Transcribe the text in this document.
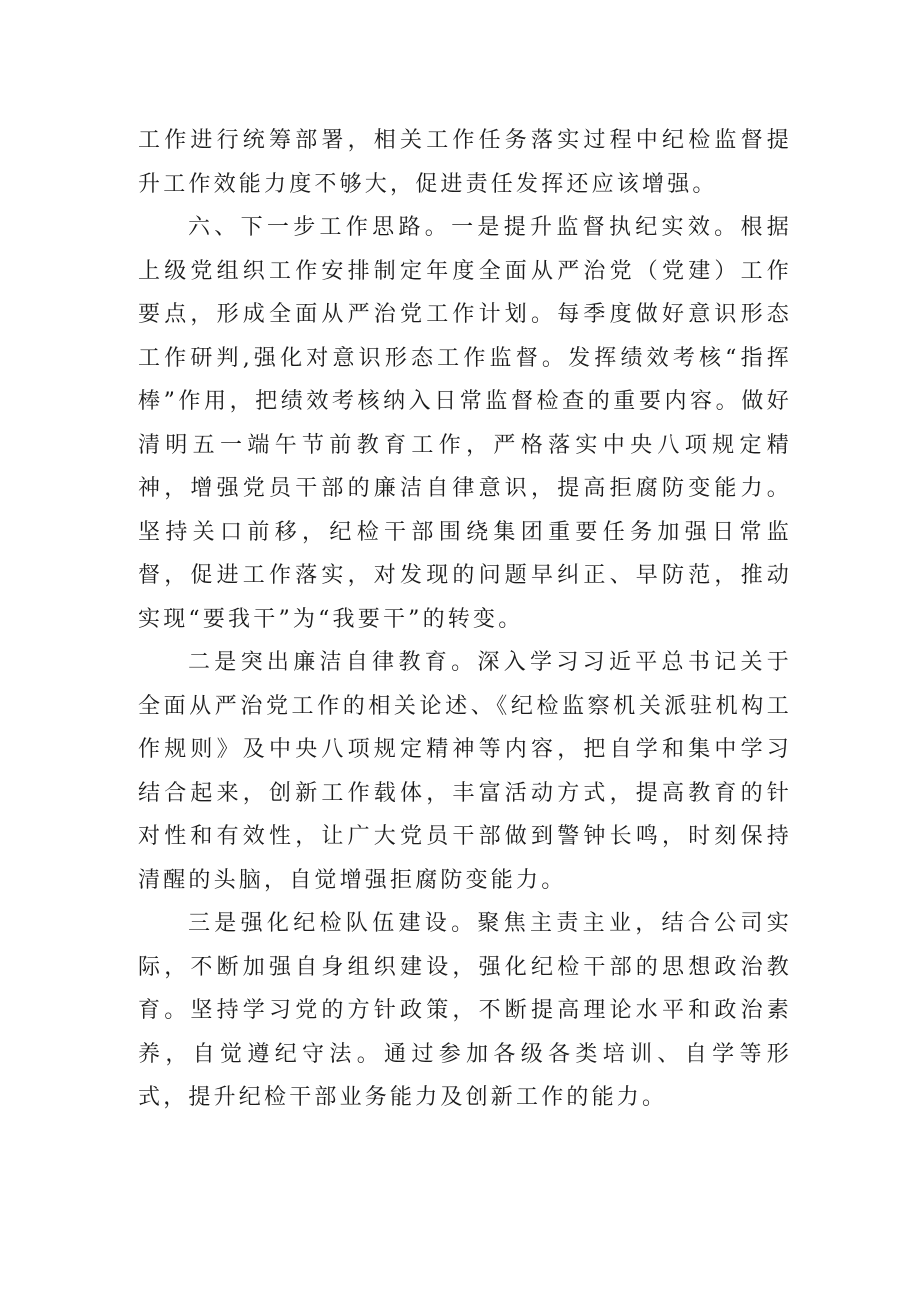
工作进行统筹部署，相关工作任务落实过程中纪检监督提升工作效能力度不够大，促进责任发挥还应该增强。

六、下一步工作思路。一是提升监督执纪实效。根据上级党组织工作安排制定年度全面从严治党（党建）工作要点，形成全面从严治党工作计划。每季度做好意识形态工作研判,强化对意识形态工作监督。发挥绩效考核“指挥棒”作用，把绩效考核纳入日常监督检查的重要内容。做好清明五一端午节前教育工作，严格落实中央八项规定精神，增强党员干部的廉洁自律意识，提高拒腐防变能力。坚持关口前移，纪检干部围绕集团重要任务加强日常监督，促进工作落实，对发现的问题早纠正、早防范，推动实现“要我干”为“我要干”的转变。

二是突出廉洁自律教育。深入学习习近平总书记关于全面从严治党工作的相关论述、《纪检监察机关派驻机构工作规则》及中央八项规定精神等内容，把自学和集中学习结合起来，创新工作载体，丰富活动方式，提高教育的针对性和有效性，让广大党员干部做到警钟长鸣，时刻保持清醒的头脑，自觉增强拒腐防变能力。

三是强化纪检队伍建设。聚焦主责主业，结合公司实际，不断加强自身组织建设，强化纪检干部的思想政治教育。坚持学习党的方针政策，不断提高理论水平和政治素养，自觉遵纪守法。通过参加各级各类培训、自学等形式，提升纪检干部业务能力及创新工作的能力。
